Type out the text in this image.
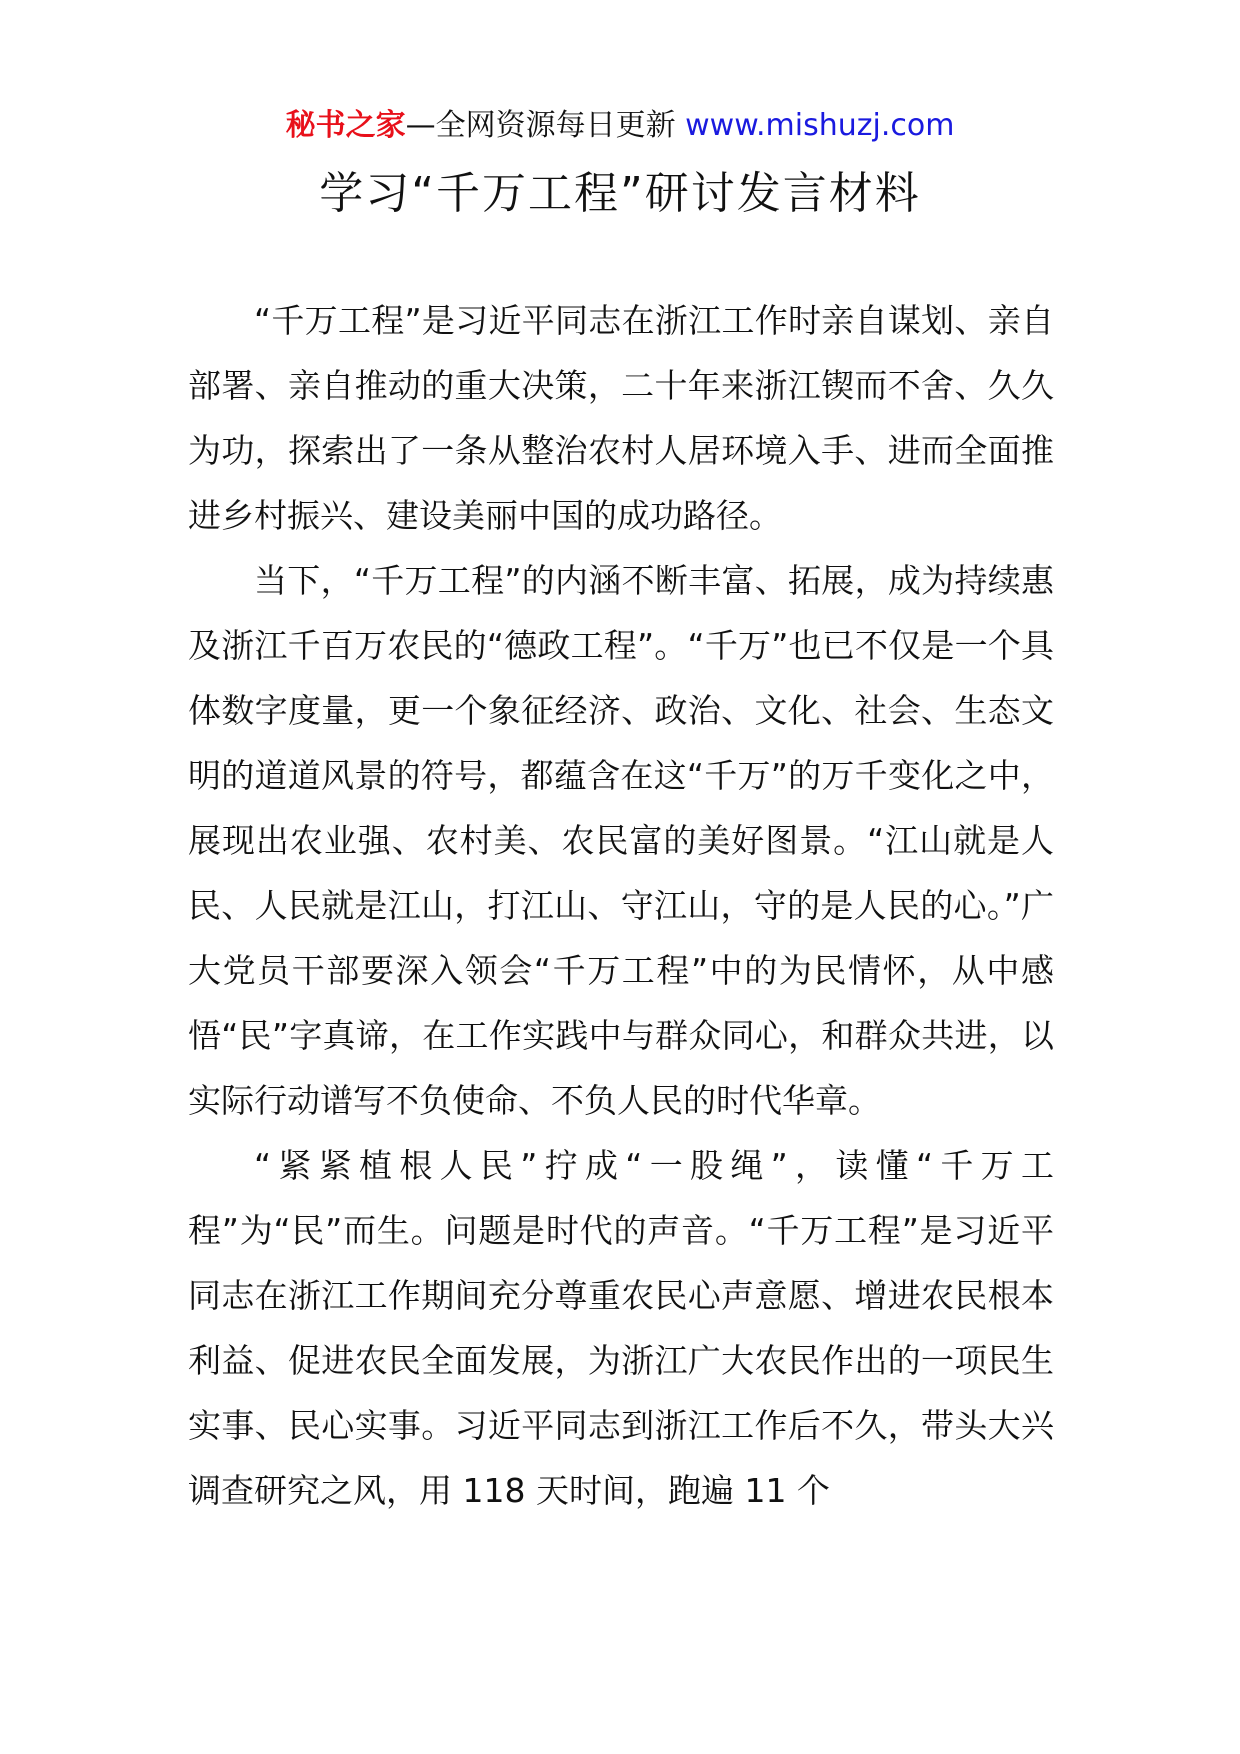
秘书之家—全网资源每日更新 www.mishuzj.com
学习“千万工程”研讨发言材料

“千万工程”是习近平同志在浙江工作时亲自谋划、亲自部署、亲自推动的重大决策，二十年来浙江锲而不舍、久久为功，探索出了一条从整治农村人居环境入手、进而全面推进乡村振兴、建设美丽中国的成功路径。

当下，“千万工程”的内涵不断丰富、拓展，成为持续惠及浙江千百万农民的“德政工程”。“千万”也已不仅是一个具体数字度量，更一个象征经济、政治、文化、社会、生态文明的道道风景的符号，都蕴含在这“千万”的万千变化之中，展现出农业强、农村美、农民富的美好图景。“江山就是人民、人民就是江山，打江山、守江山，守的是人民的心。”广大党员干部要深入领会“千万工程”中的为民情怀，从中感悟“民”字真谛，在工作实践中与群众同心，和群众共进，以实际行动谱写不负使命、不负人民的时代华章。

“紧紧植根人民”拧成“一股绳”，读懂“千万工程”为“民”而生。问题是时代的声音。“千万工程”是习近平同志在浙江工作期间充分尊重农民心声意愿、增进农民根本利益、促进农民全面发展，为浙江广大农民作出的一项民生实事、民心实事。习近平同志到浙江工作后不久，带头大兴调查研究之风，用 118 天时间，跑遍 11 个
